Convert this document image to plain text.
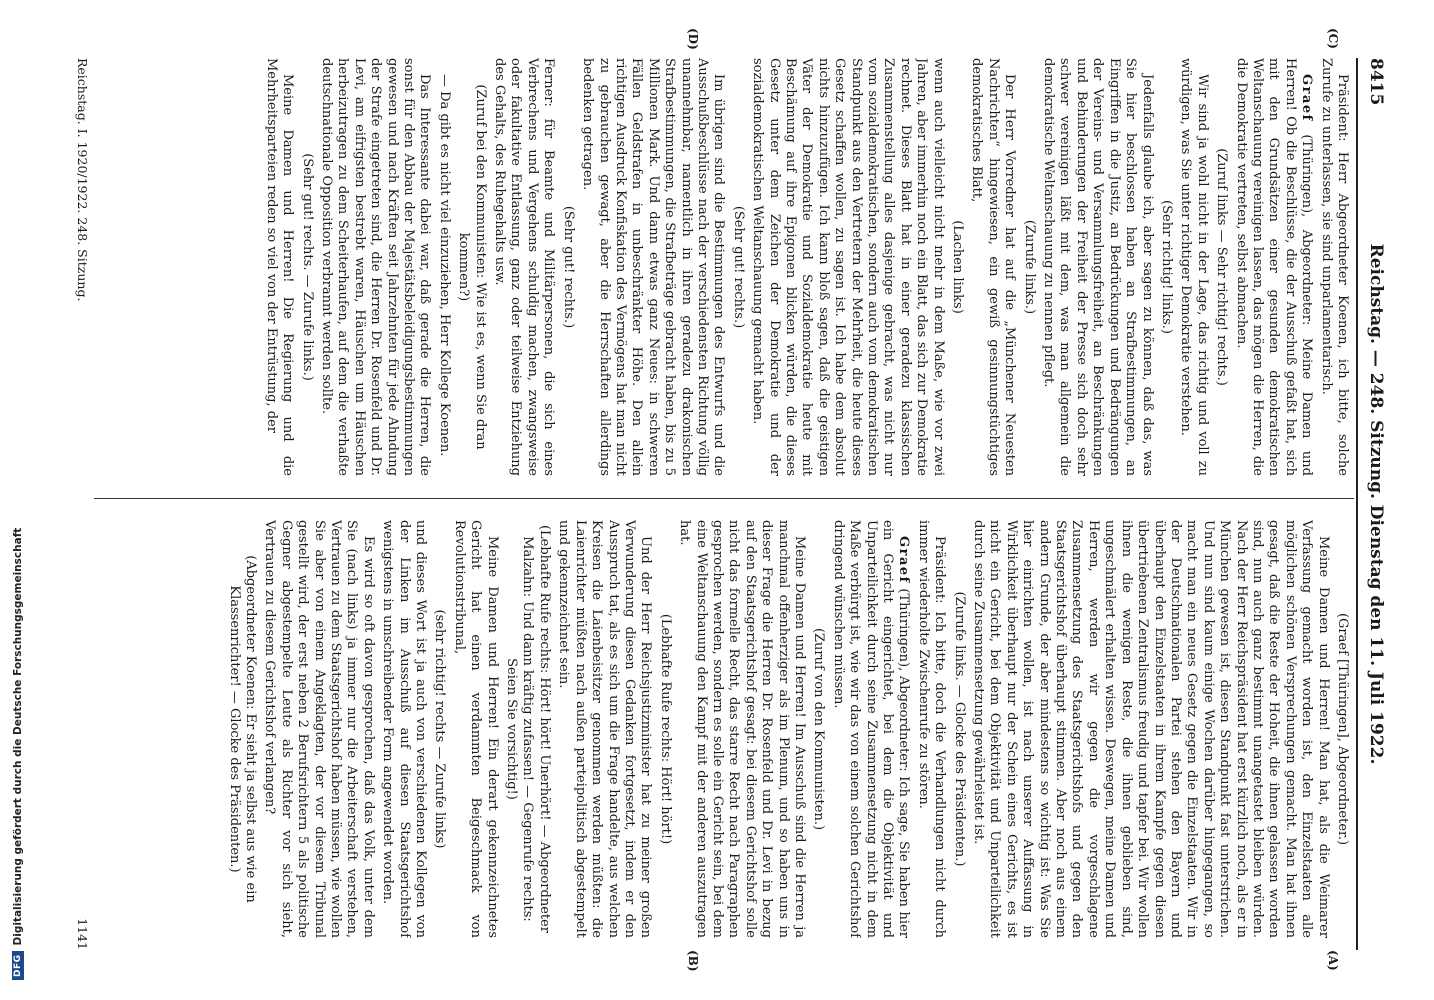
DFG
Digitalisierung gefördert durch die Deutsche Forschungsgemeinschaft
8415
Reichstag. — 248. Sitzung. Dienstag den 11. Juli 1922.
(C)
(D)
(A)
(B)

Präsident: Herr Abgeordneter Koenen, ich bitte, solche Zurufe zu unterlassen, sie sind unparlamentarisch.

Graef (Thüringen), Abgeordneter: Meine Damen und Herren! Ob die Beschlüsse, die der Ausschuß gefaßt hat, sich mit den Grundsätzen einer gesunden demokratischen Weltanschauung vereinigen lassen, das mögen die Herren, die die Demokratie vertreten, selbst abmachen.

(Zuruf links — Sehr richtig! rechts.)

Wir sind ja wohl nicht in der Lage, das richtig und voll zu würdigen, was Sie unter richtiger Demokratie verstehen.

(Sehr richtig! links.)

Jedenfalls glaube ich, aber sagen zu können, daß das, was Sie hier beschlossen haben an Strafbestimmungen, an Eingriffen in die Justiz, an Bedrückungen und Bedrängungen der Vereins- und Versammlungsfreiheit, an Beschränkungen und Behinderungen der Freiheit der Presse sich doch sehr schwer vereinigen läßt mit dem, was man allgemein die demokratische Weltanschauung zu nennen pflegt.

(Zurufe links.)

Der Herr Vorredner hat auf die „Münchener Neuesten Nachrichten“ hingewiesen, ein gewiß gesinnungstüchtiges demokratisches Blatt,

(Lachen links)

wenn auch vielleicht nicht mehr in dem Maße, wie vor zwei Jahren, aber immerhin noch ein Blatt, das sich zur Demokratie rechnet. Dieses Blatt hat in einer geradezu klassischen Zusammenstellung alles dasjenige gebracht, was nicht nur vom sozialdemokratischen, sondern auch vom demokratischen Standpunkt aus den Vertretern der Mehrheit, die heute dieses Gesetz schaffen wollen, zu sagen ist. Ich habe dem absolut nichts hinzuzufügen. Ich kann bloß sagen, daß die geistigen Väter der Demokratie und Sozialdemokratie heute mit Beschämung auf ihre Epigonen blicken würden, die dieses Gesetz unter dem Zeichen der Demokratie und der sozialdemokratischen Weltanschauung gemacht haben.

(Sehr gut! rechts.)

Im übrigen sind die Bestimmungen des Entwurfs und die Ausschußbeschlüsse nach der verschiedensten Richtung völlig unannehmbar, namentlich in ihren geradezu drakonischen Strafbestimmungen, die Strafbeträge gebracht haben, bis zu 5 Millionen Mark. Und dann etwas ganz Neues: in schweren Fällen Geldstrafen in unbeschränkter Höhe. Den allein richtigen Ausdruck Konfiskation des Vermögens hat man nicht zu gebrauchen gewagt, aber die Herrschaften allerdings bedenken getragen.

(Sehr gut! rechts.)

Ferner: für Beamte und Militärpersonen, die sich eines Verbrechens und Vergehens schuldig machen, zwangsweise oder fakultative Entlassung, ganz oder teilweise Entziehung des Gehalts, des Ruhegehalts usw.

(Zuruf bei den Kommunisten: Wie ist es, wenn Sie dran kommen?)

— Da gibt es nicht viel einzuziehen, Herr Kollege Koenen.

Das Interessante dabei war, daß gerade die Herren, die sonst für den Abbau der Majestätsbeleidigungsbestimmungen gewesen und nach Kräften seit Jahrzehnten für jede Ahndung der Strafe eingetreten sind, die Herren Dr. Rosenfeld und Dr. Levi, am eifrigsten bestrebt waren, Häuschen um Häuschen herbeizutragen zu dem Scheiterhaufen, auf dem die verhaßte deutschnationale Opposition verbrannt werden sollte.

(Sehr gut! rechts. — Zurufe links.)

Meine Damen und Herren! Die Regierung und die Mehrheitsparteien reden so viel von der Entrüstung, der

(Graef [Thüringen], Abgeordneter.)

Meine Damen und Herren! Man hat, als die Weimarer Verfassung gemacht worden ist, den Einzelstaaten alle möglichen schönen Versprechungen gemacht. Man hat ihnen gesagt, daß die Reste der Hoheit, die ihnen gelassen worden sind, nun auch ganz bestimmt unangetastet bleiben würden. Nach der Herr Reichspräsident hat erst kürzlich noch, als er in München gewesen ist, diesen Standpunkt fast unterstrichen. Und nun sind kaum einige Wochen darüber hingegangen, so macht man ein neues Gesetz gegen die Einzelstaaten. Wir in der Deutschnationalen Partei stehen den Bayern und überhaupt den Einzelstaaten in ihrem Kampfe gegen diesen übertriebenen Zentralismus freudig und tapfer bei. Wir wollen ihnen die wenigen Reste, die ihnen geblieben sind, ungeschmälert erhalten wissen. Deswegen, meine Damen und Herren, werden wir gegen die vorgeschlagene Zusammensetzung des Staatsgerichtshofs und gegen den Staatsgerichtshof überhaupt stimmen. Aber noch aus einem andern Grunde, der aber mindestens so wichtig ist: Was Sie hier einrichten wollen, ist nach unserer Auffassung in Wirklichkeit überhaupt nur der Schein eines Gerichts, es ist nicht ein Gericht, bei dem Objektivität und Unparteilichkeit durch seine Zusammensetzung gewährleistet ist.

(Zurufe links. — Glocke des Präsidenten.)

Präsident: Ich bitte, doch die Verhandlungen nicht durch immer wiederholte Zwischenrufe zu stören.

Graef (Thüringen), Abgeordneter: Ich sage, Sie haben hier ein Gericht eingerichtet, bei dem die Objektivität und Unparteilichkeit durch seine Zusammensetzung nicht in dem Maße verbürgt ist, wie wir das von einem solchen Gerichtshof dringend wünschen müssen.

(Zuruf von den Kommunisten.)

Meine Damen und Herren! Im Ausschuß sind die Herren ja manchmal offenherziger als im Plenum, und so haben uns in dieser Frage die Herren Dr. Rosenfeld und Dr. Levi in bezug auf den Staatsgerichtshof gesagt: bei diesem Gerichtshof solle nicht das formelle Recht, das starre Recht nach Paragraphen gesprochen werden, sondern es solle ein Gericht sein, bei dem eine Weltanschauung den Kampf mit der anderen auszutragen hat.

(Lebhafte Rufe rechts: Hört! hört!)

Und der Herr Reichsjustizminister hat zu meiner großen Verwunderung diesen Gedanken fortgesetzt, indem er den Ausspruch tat, als es sich um die Frage handelte, aus welchen Kreisen die Laienbeisitzer genommen werden müßten: die Laienrichter müßten nach außen parteipolitisch abgestempelt und gekennzeichnet sein.

(Lebhafte Rufe rechts: Hört! hört! Unerhört! — Abgeordneter Malzahn: Und dann kräftig zufassen! — Gegenrufe rechts: Seien Sie vorsichtig!)

Meine Damen und Herren! Ein derart gekennzeichnetes Gericht hat einen verdammten Beigeschmack von Revolutionstribunal,

(sehr richtig! rechts — Zurufe links)

und dieses Wort ist ja auch von verschiedenen Kollegen von der Linken im Ausschuß auf diesen Staatsgerichtshof wenigstens in umschreibender Form angewendet worden.

Es wird so oft davon gesprochen, daß das Volk, unter dem Sie (nach links) ja immer nur die Arbeiterschaft verstehen, Vertrauen zu dem Staatsgerichtshof haben müssen, wie wollen Sie aber von einem Angeklagten, der vor diesem Tribunal gestellt wird, der erst neben 2 Berufsrichtern 5 als politische Gegner abgestempelte Leute als Richter vor sich sieht, Vertrauen zu diesem Gerichtshof verlangen?

(Abgeordneter Koenen: Er sieht ja selbst aus wie ein Klassenrichter! — Glocke des Präsidenten.)

Reichstag. I. 1920/1922. 248. Sitzung.
1141
